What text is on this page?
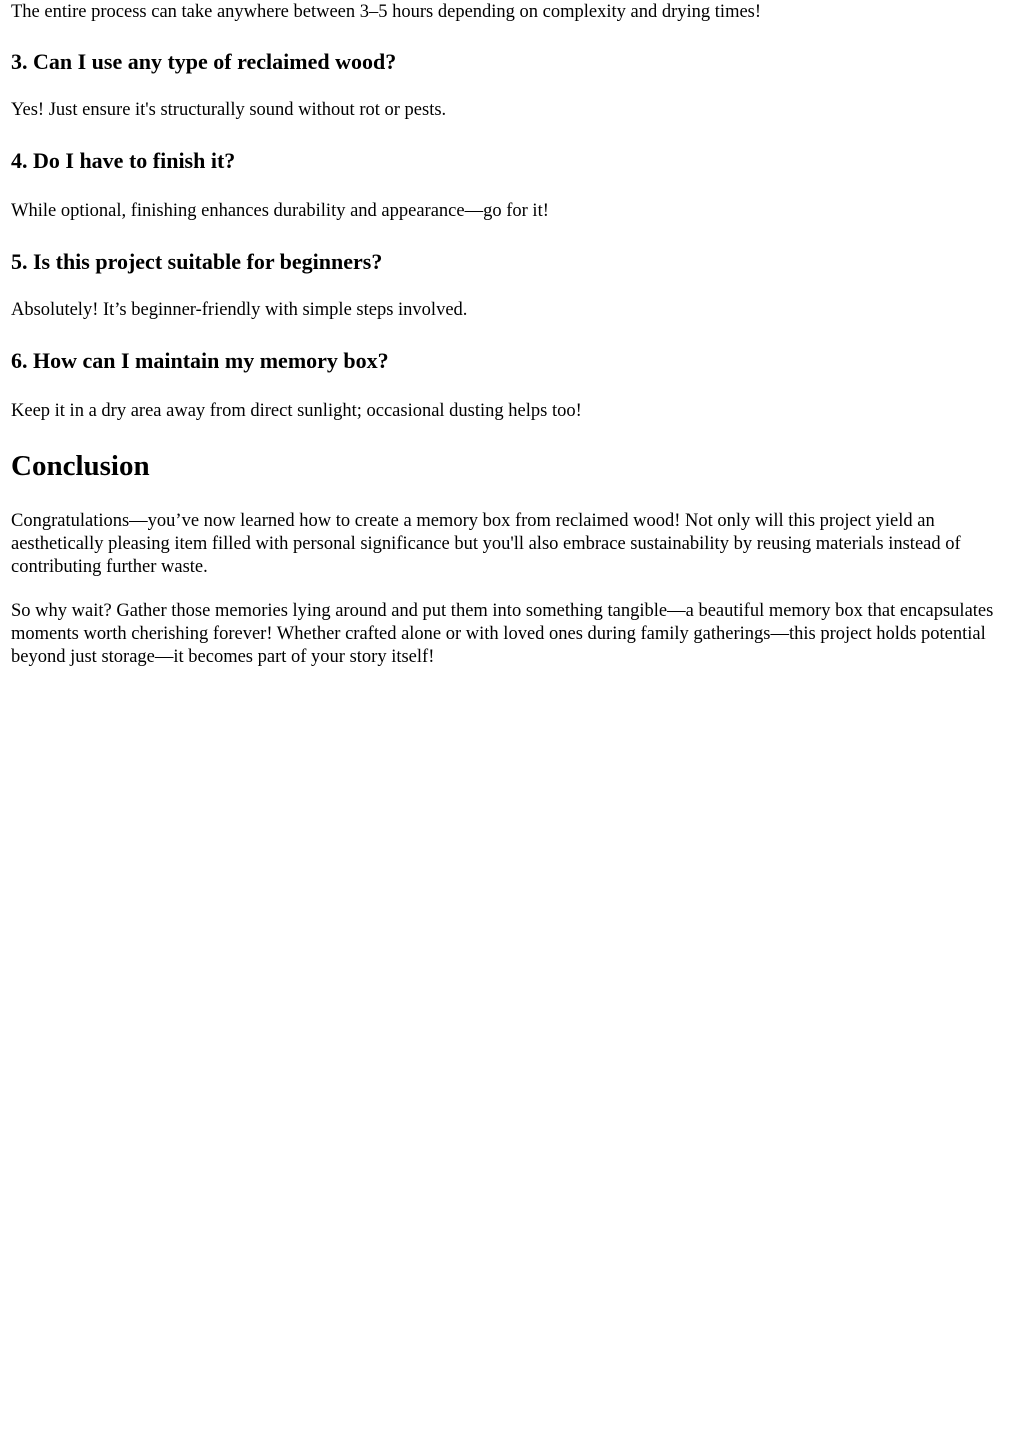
The entire process can take anywhere between 3–5 hours depending on complexity and drying times!

3. Can I use any type of reclaimed wood?

Yes! Just ensure it's structurally sound without rot or pests.

4. Do I have to finish it?

While optional, finishing enhances durability and appearance—go for it!

5. Is this project suitable for beginners?

Absolutely! It’s beginner-friendly with simple steps involved.

6. How can I maintain my memory box?

Keep it in a dry area away from direct sunlight; occasional dusting helps too!

Conclusion

Congratulations—you’ve now learned how to create a memory box from reclaimed wood! Not only will this project yield an aesthetically pleasing item filled with personal significance but you'll also embrace sustainability by reusing materials instead of contributing further waste.

So why wait? Gather those memories lying around and put them into something tangible—a beautiful memory box that encapsulates moments worth cherishing forever! Whether crafted alone or with loved ones during family gatherings—this project holds potential beyond just storage—it becomes part of your story itself!
